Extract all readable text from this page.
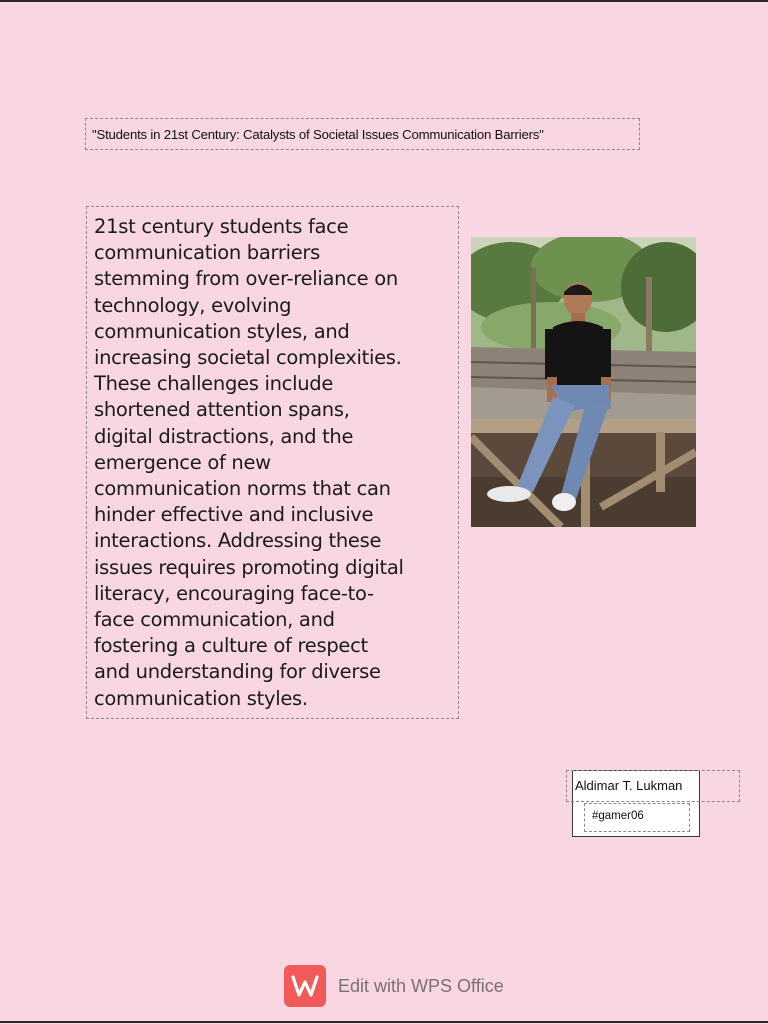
"Students in 21st Century: Catalysts of Societal Issues Communication Barriers"
21st century students face
communication barriers
stemming from over-reliance on
technology, evolving
communication styles, and
increasing societal complexities.
These challenges include
shortened attention spans,
digital distractions, and the
emergence of new
communication norms that can
hinder effective and inclusive
interactions. Addressing these
issues requires promoting digital
literacy, encouraging face-to-
face communication, and
fostering a culture of respect
and understanding for diverse
communication styles.
Aldimar T. Lukman
#gamer06
Edit with WPS Office
